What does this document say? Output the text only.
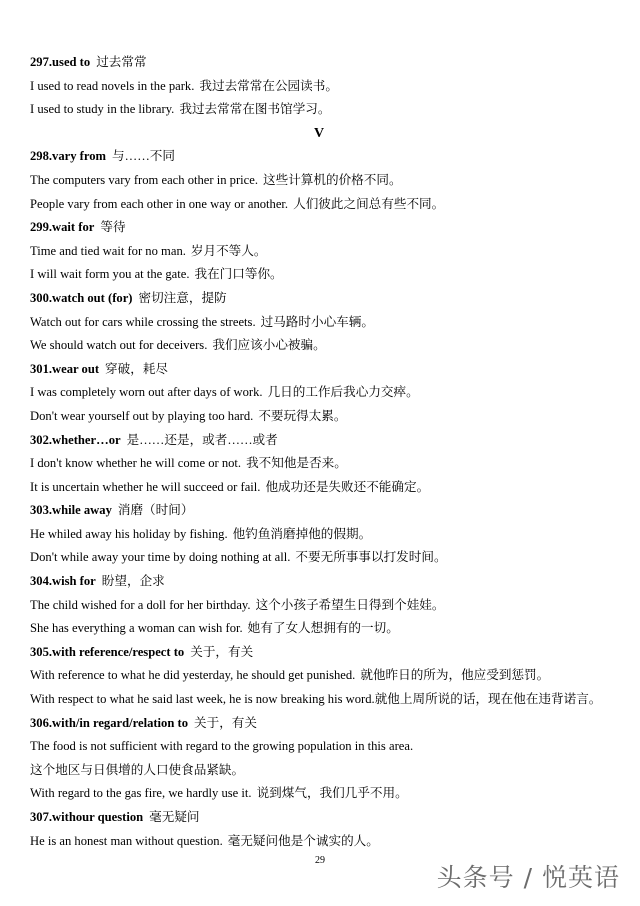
297.used to 过去常常
I used to read novels in the park. 我过去常常在公园读书。
I used to study in the library. 我过去常常在图书馆学习。
V
298.vary from 与……不同
The computers vary from each other in price. 这些计算机的价格不同。
People vary from each other in one way or another. 人们彼此之间总有些不同。
299.wait for 等待
Time and tied wait for no man. 岁月不等人。
I will wait form you at the gate. 我在门口等你。
300.watch out (for) 密切注意，提防
Watch out for cars while crossing the streets. 过马路时小心车辆。
We should watch out for deceivers. 我们应该小心被骗。
301.wear out 穿破，耗尽
I was completely worn out after days of work. 几日的工作后我心力交瘁。
Don't wear yourself out by playing too hard. 不要玩得太累。
302.whether…or 是……还是，或者……或者
I don't know whether he will come or not. 我不知他是否来。
It is uncertain whether he will succeed or fail. 他成功还是失败还不能确定。
303.while away 消磨（时间）
He whiled away his holiday by fishing. 他钓鱼消磨掉他的假期。
Don't while away your time by doing nothing at all. 不要无所事事以打发时间。
304.wish for 盼望，企求
The child wished for a doll for her birthday. 这个小孩子希望生日得到个娃娃。
She has everything a woman can wish for. 她有了女人想拥有的一切。
305.with reference/respect to 关于，有关
With reference to what he did yesterday, he should get punished. 就他昨日的所为，他应受到惩罚。
With respect to what he said last week, he is now breaking his word.就他上周所说的话，现在他在违背诺言。
306.with/in regard/relation to 关于，有关
The food is not sufficient with regard to the growing population in this area.
这个地区与日俱增的人口使食品紧缺。
With regard to the gas fire, we hardly use it. 说到煤气，我们几乎不用。
307.withour question 毫无疑问
He is an honest man without question. 毫无疑问他是个诚实的人。
29
头条号 / 悦英语
